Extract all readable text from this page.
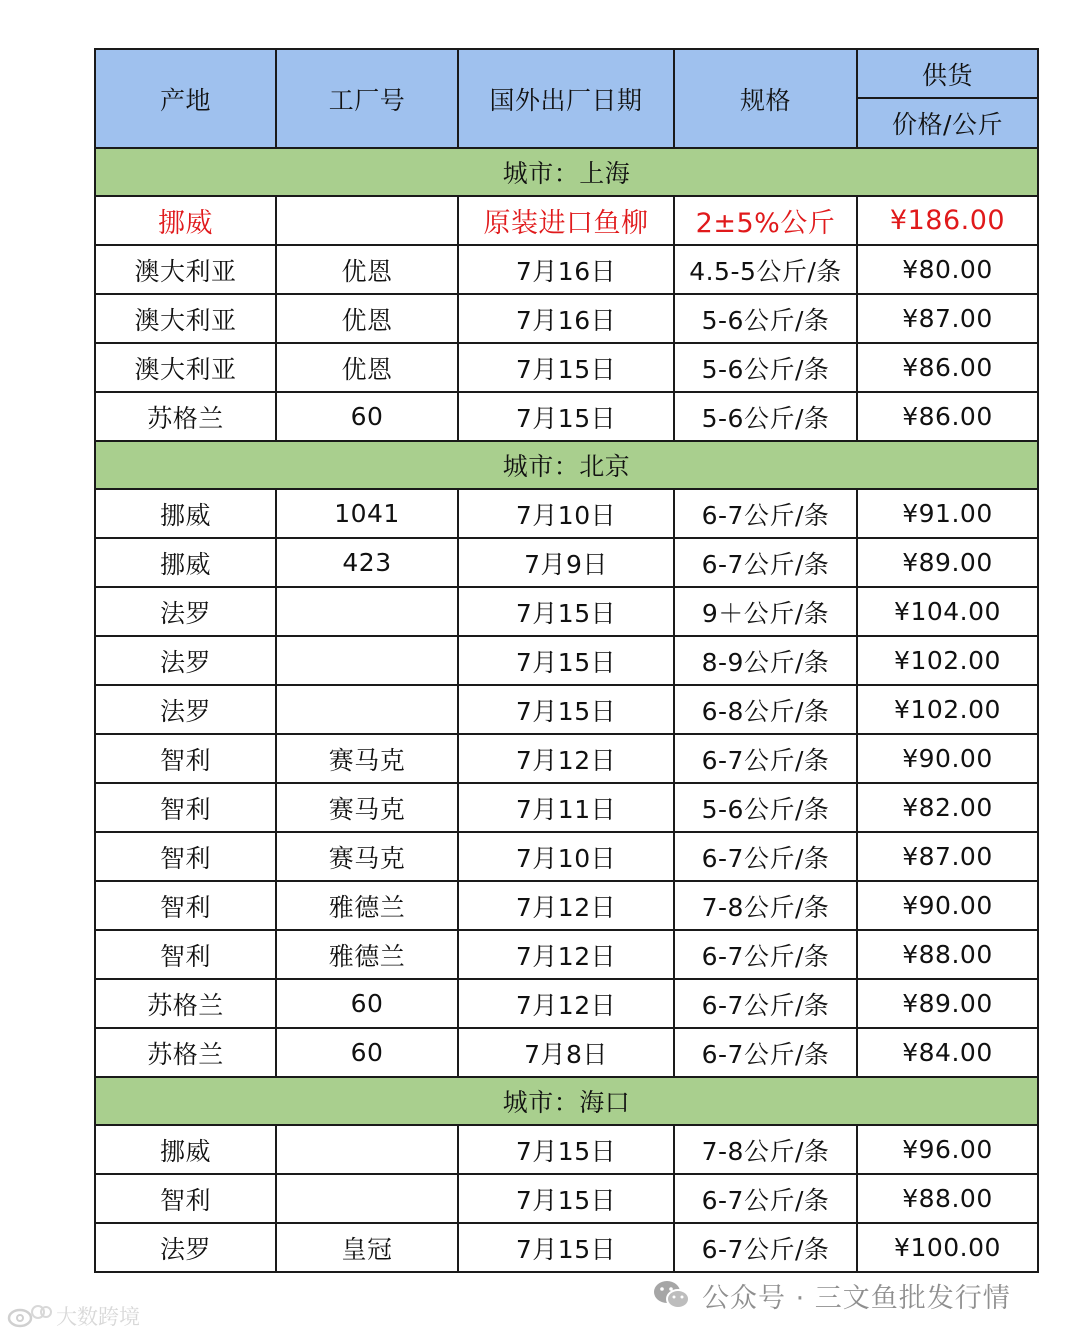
产地	工厂号	国外出厂日期	规格	供货
				价格/公斤
城市：上海				
挪威		原装进口鱼柳	2±5%公斤	¥186.00
澳大利亚	优恩	7月16日	4.5-5公斤/条	¥80.00
澳大利亚	优恩	7月16日	5-6公斤/条	¥87.00
澳大利亚	优恩	7月15日	5-6公斤/条	¥86.00
苏格兰	60	7月15日	5-6公斤/条	¥86.00
城市：北京				
挪威	1041	7月10日	6-7公斤/条	¥91.00
挪威	423	7月9日	6-7公斤/条	¥89.00
法罗		7月15日	9＋公斤/条	¥104.00
法罗		7月15日	8-9公斤/条	¥102.00
法罗		7月15日	6-8公斤/条	¥102.00
智利	赛马克	7月12日	6-7公斤/条	¥90.00
智利	赛马克	7月11日	5-6公斤/条	¥82.00
智利	赛马克	7月10日	6-7公斤/条	¥87.00
智利	雅德兰	7月12日	7-8公斤/条	¥90.00
智利	雅德兰	7月12日	6-7公斤/条	¥88.00
苏格兰	60	7月12日	6-7公斤/条	¥89.00
苏格兰	60	7月8日	6-7公斤/条	¥84.00
城市：海口				
挪威		7月15日	7-8公斤/条	¥96.00
智利		7月15日	6-7公斤/条	¥88.00
法罗	皇冠	7月15日	6-7公斤/条	¥100.00
公众号 · 三文鱼批发行情
大数跨境
